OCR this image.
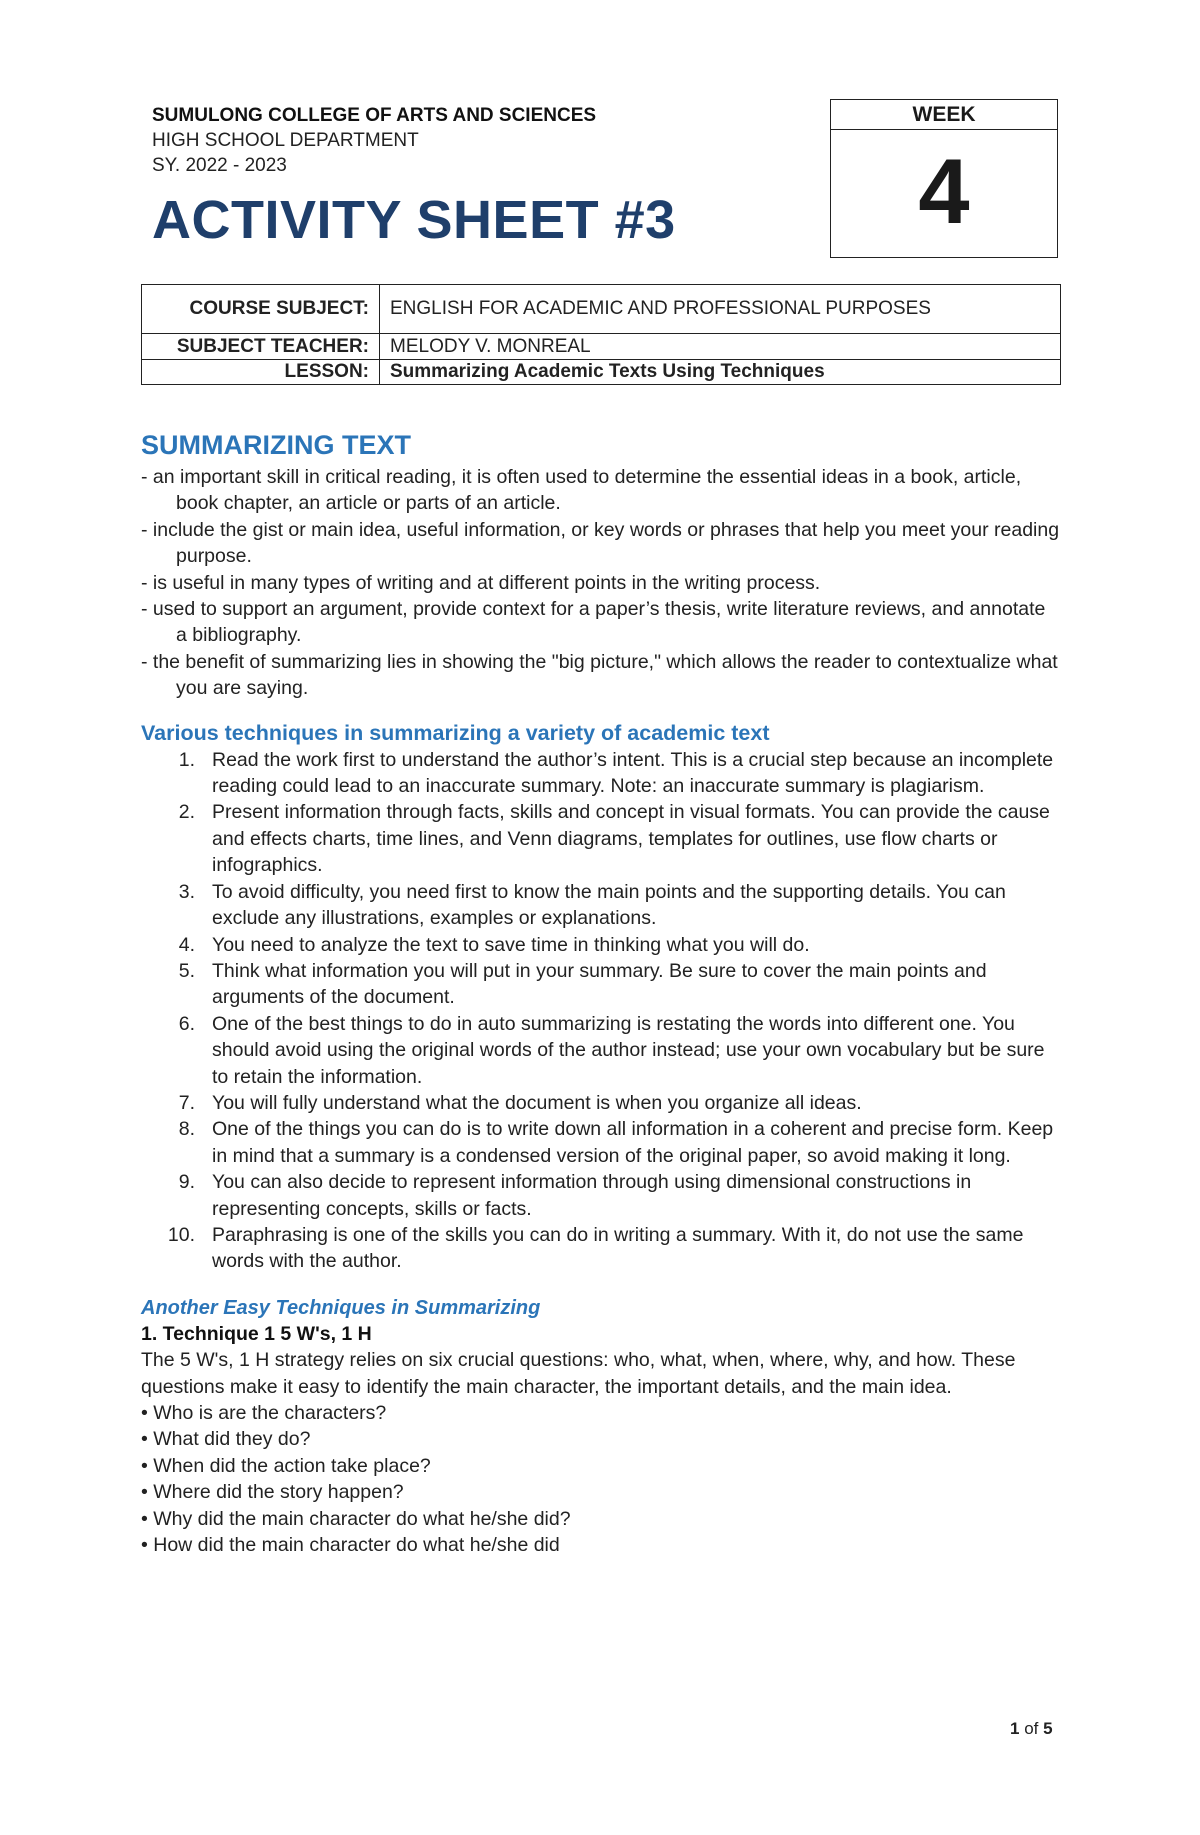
SUMULONG COLLEGE OF ARTS AND SCIENCES
HIGH SCHOOL DEPARTMENT
SY. 2022 - 2023
ACTIVITY SHEET #3
WEEK
4
COURSE SUBJECT:	ENGLISH FOR ACADEMIC AND PROFESSIONAL PURPOSES
SUBJECT TEACHER:	MELODY V. MONREAL
LESSON:	Summarizing Academic Texts Using Techniques
SUMMARIZING TEXT
- an important skill in critical reading, it is often used to determine the essential ideas in a book, article, book chapter, an article or parts of an article.
- include the gist or main idea, useful information, or key words or phrases that help you meet your reading purpose.
- is useful in many types of writing and at different points in the writing process.
- used to support an argument, provide context for a paper’s thesis, write literature reviews, and annotate a bibliography.
- the benefit of summarizing lies in showing the "big picture," which allows the reader to contextualize what you are saying.
Various techniques in summarizing a variety of academic text
1. Read the work first to understand the author’s intent. This is a crucial step because an incomplete reading could lead to an inaccurate summary. Note: an inaccurate summary is plagiarism.
2. Present information through facts, skills and concept in visual formats. You can provide the cause and effects charts, time lines, and Venn diagrams, templates for outlines, use flow charts or infographics.
3. To avoid difficulty, you need first to know the main points and the supporting details. You can exclude any illustrations, examples or explanations.
4. You need to analyze the text to save time in thinking what you will do.
5. Think what information you will put in your summary. Be sure to cover the main points and arguments of the document.
6. One of the best things to do in auto summarizing is restating the words into different one. You should avoid using the original words of the author instead; use your own vocabulary but be sure to retain the information.
7. You will fully understand what the document is when you organize all ideas.
8. One of the things you can do is to write down all information in a coherent and precise form. Keep in mind that a summary is a condensed version of the original paper, so avoid making it long.
9. You can also decide to represent information through using dimensional constructions in representing concepts, skills or facts.
10. Paraphrasing is one of the skills you can do in writing a summary. With it, do not use the same words with the author.
Another Easy Techniques in Summarizing
1. Technique 1 5 W's, 1 H
The 5 W's, 1 H strategy relies on six crucial questions: who, what, when, where, why, and how. These questions make it easy to identify the main character, the important details, and the main idea.
• Who is are the characters?
• What did they do?
• When did the action take place?
• Where did the story happen?
• Why did the main character do what he/she did?
• How did the main character do what he/she did
1 of 5
